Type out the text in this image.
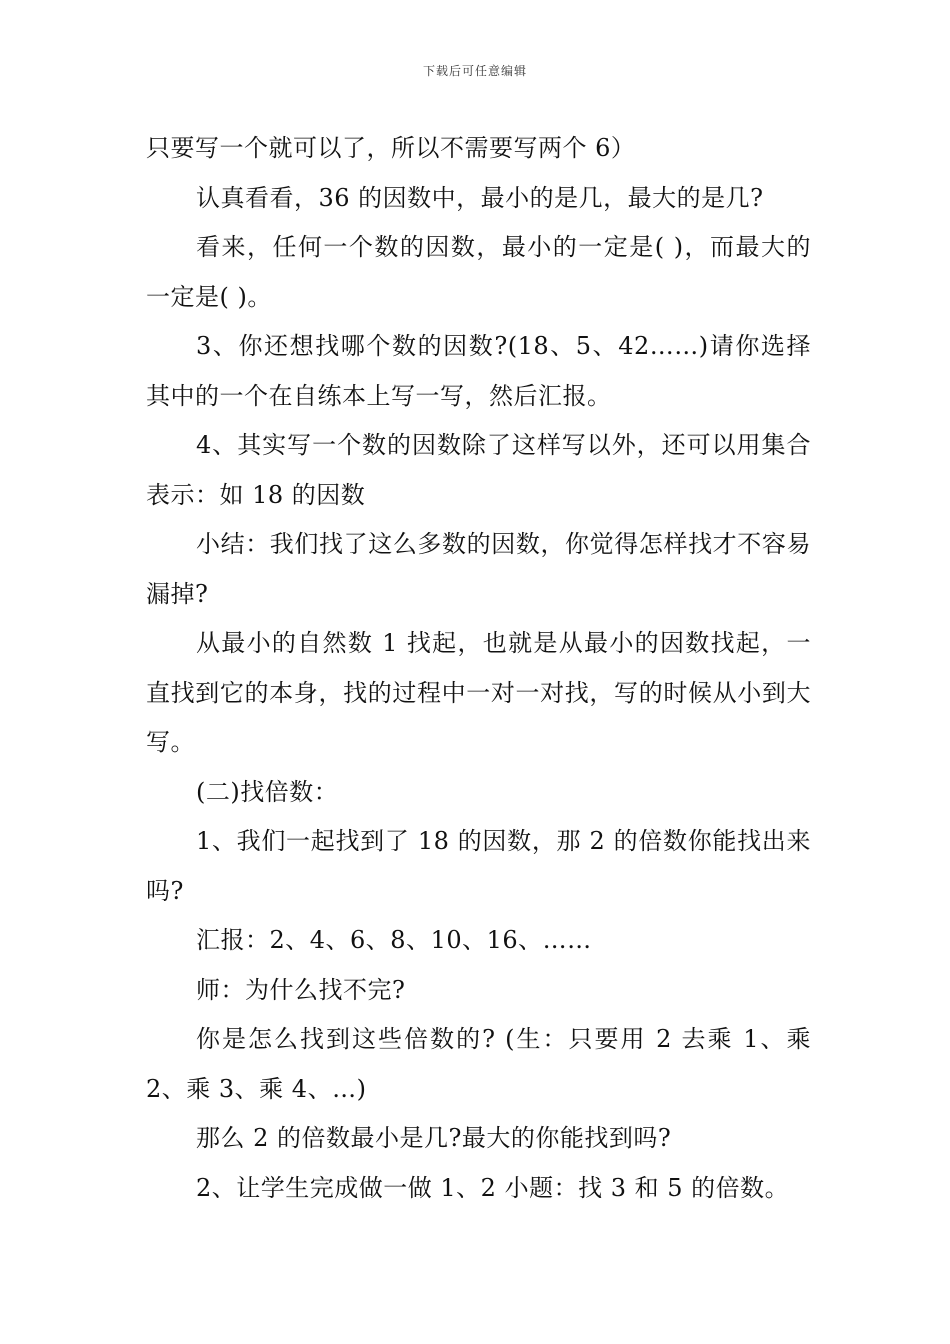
下载后可任意编辑

只要写一个就可以了，所以不需要写两个 6）

认真看看，36 的因数中，最小的是几，最大的是几?

看来，任何一个数的因数，最小的一定是( )，而最大的一定是( )。

3、你还想找哪个数的因数?(18、5、42……)请你选择其中的一个在自练本上写一写，然后汇报。

4、其实写一个数的因数除了这样写以外，还可以用集合表示：如 18 的因数

小结：我们找了这么多数的因数，你觉得怎样找才不容易漏掉?

从最小的自然数 1 找起，也就是从最小的因数找起，一直找到它的本身，找的过程中一对一对找，写的时候从小到大写。

(二)找倍数：

1、我们一起找到了 18 的因数，那 2 的倍数你能找出来吗?

汇报：2、4、6、8、10、16、……

师：为什么找不完?

你是怎么找到这些倍数的? (生：只要用 2 去乘 1、乘 2、乘 3、乘 4、…)

那么 2 的倍数最小是几?最大的你能找到吗?

2、让学生完成做一做 1、2 小题：找 3 和 5 的倍数。
